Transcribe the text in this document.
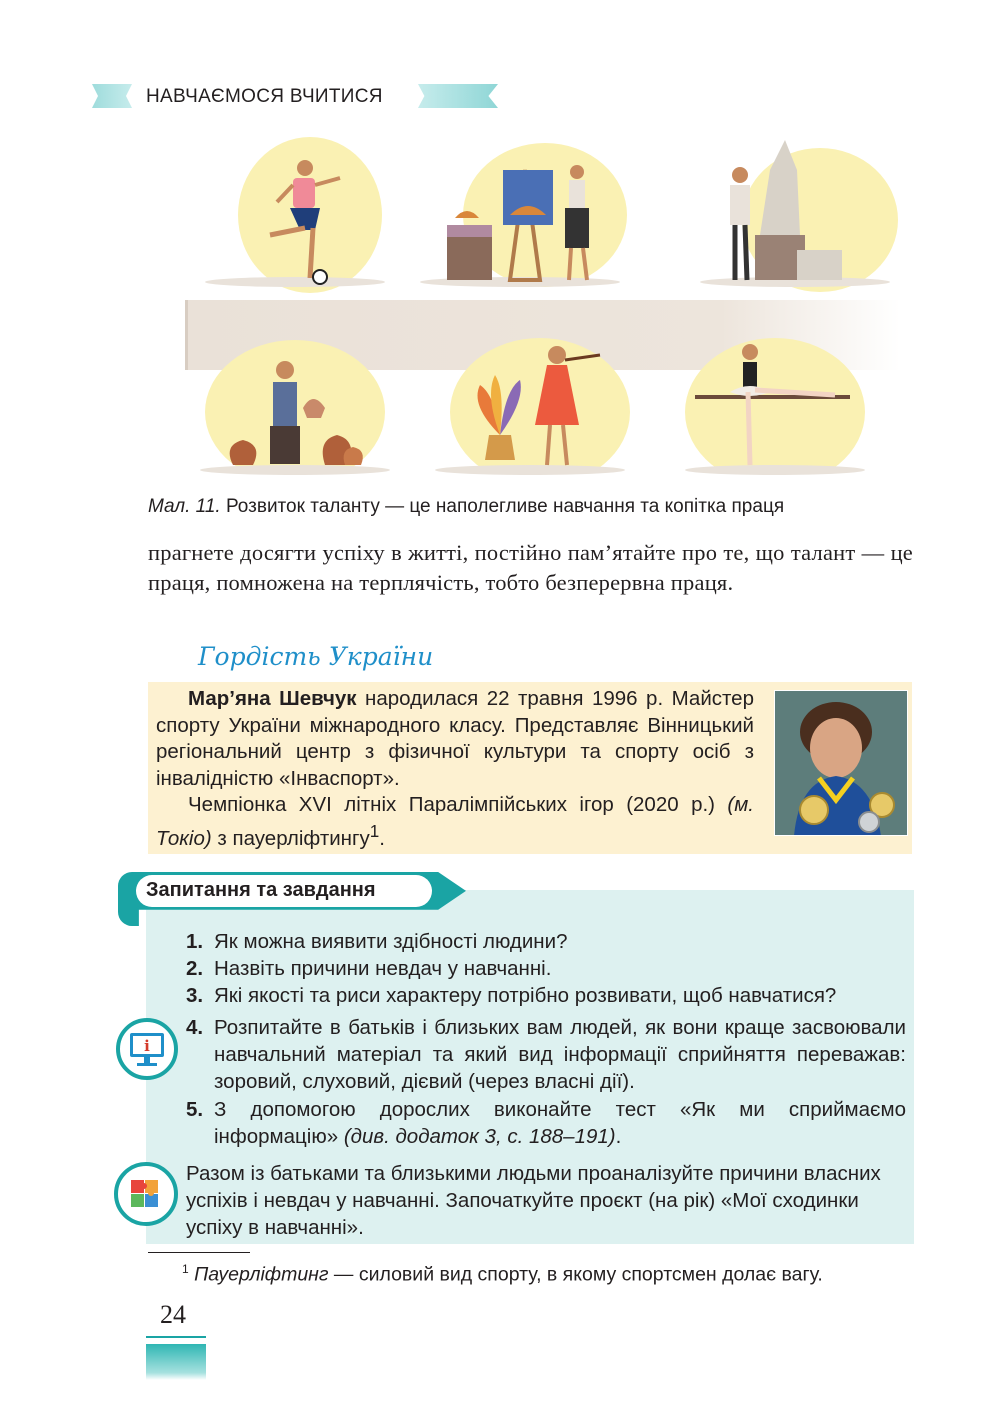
НАВЧАЄМОСЯ ВЧИТИСЯ
Мал. 11. Розвиток таланту — це наполегливе навчання та копітка праця
прагнете досягти успіху в житті, постійно пам’ятайте про те, що талант — це праця, помножена на терплячість, тобто безперервна праця.
Гордість України

Мар’яна Шевчук народилася 22 травня 1996 р. Майстер спорту України міжнародного класу. Представляє Вінницький регіональний центр з фізичної культури та спорту осіб з інвалідністю «Інваспорт».

Чемпіонка XVI літніх Паралімпійських ігор (2020 р.) (м. Токіо) з пауерліфтингу$^1$.

Запитання та завдання
1. Як можна виявити здібності людини?
2. Назвіть причини невдач у навчанні.
3. Які якості та риси характеру потрібно розвивати, щоб навчатися?
4. Розпитайте в батьків і близьких вам людей, як вони краще засвоювали навчальний матеріал та який вид інформації сприйняття переважав: зоровий, слуховий, дієвий (через власні дії).
5. З допомогою дорослих виконайте тест «Як ми сприймаємо інформацію» (див. додаток 3, с. 188–191).
i
Разом із батьками та близькими людьми проаналізуйте причини власних успіхів і невдач у навчанні. Започаткуйте проєкт (на рік) «Мої сходинки успіху в навчанні».
$^1$ Пауерліфтинг — силовий вид спорту, в якому спортсмен долає вагу.
24
